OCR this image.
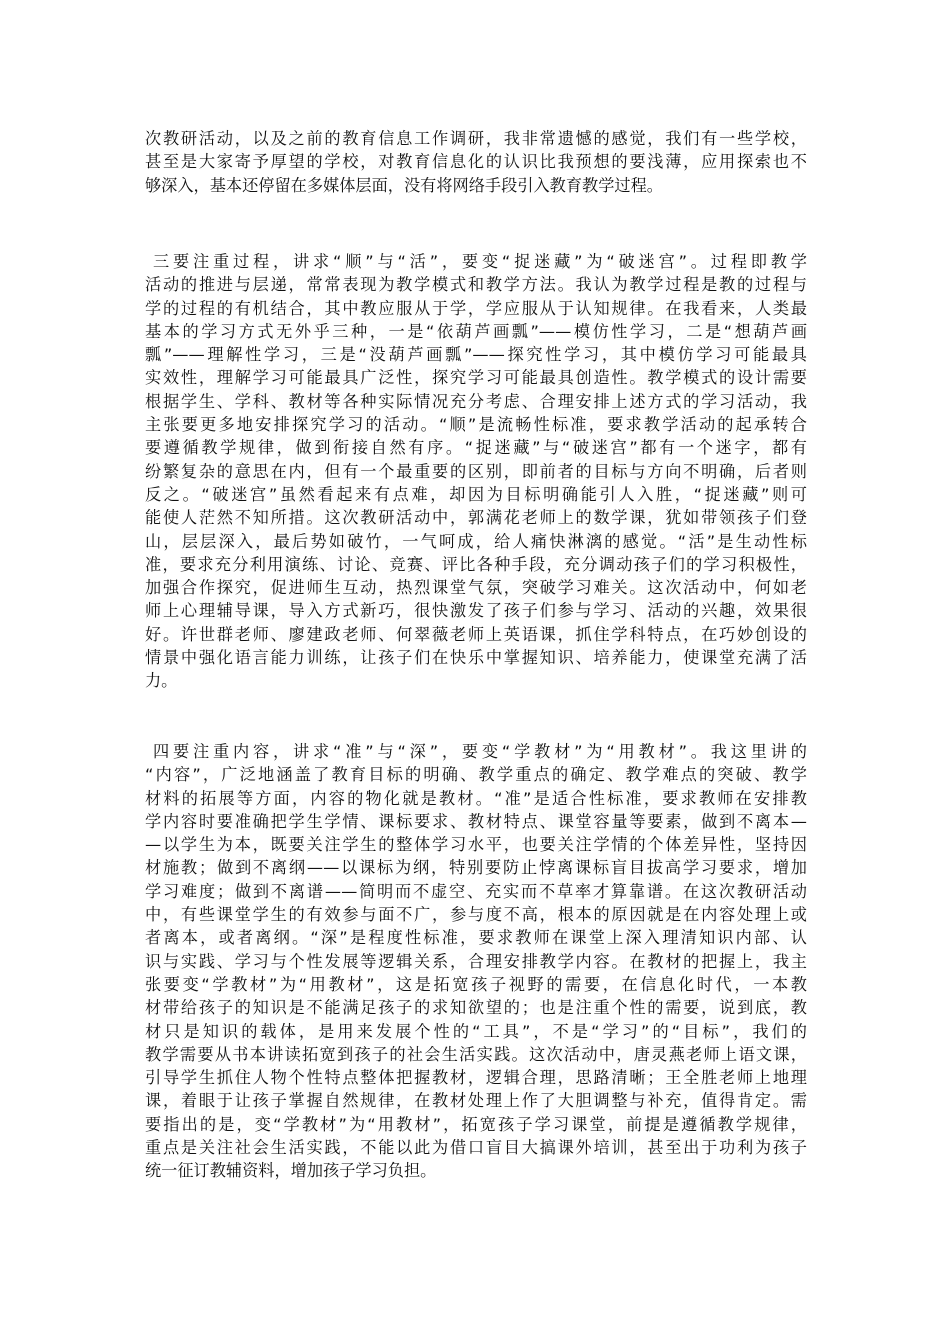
次教研活动，以及之前的教育信息工作调研，我非常遗憾的感觉，我们有一些学校，
甚至是大家寄予厚望的学校，对教育信息化的认识比我预想的要浅薄，应用探索也不
够深入，基本还停留在多媒体层面，没有将网络手段引入教育教学过程。
三要注重过程，讲求“顺”与“活”，要变“捉迷藏”为“破迷宫”。过程即教学
活动的推进与层递，常常表现为教学模式和教学方法。我认为教学过程是教的过程与
学的过程的有机结合，其中教应服从于学，学应服从于认知规律。在我看来，人类最
基本的学习方式无外乎三种，一是“依葫芦画瓢”——模仿性学习，二是“想葫芦画
瓢”——理解性学习，三是“没葫芦画瓢”——探究性学习，其中模仿学习可能最具
实效性，理解学习可能最具广泛性，探究学习可能最具创造性。教学模式的设计需要
根据学生、学科、教材等各种实际情况充分考虑、合理安排上述方式的学习活动，我
主张要更多地安排探究学习的活动。“顺”是流畅性标准，要求教学活动的起承转合
要遵循教学规律，做到衔接自然有序。“捉迷藏”与“破迷宫”都有一个迷字，都有
纷繁复杂的意思在内，但有一个最重要的区别，即前者的目标与方向不明确，后者则
反之。“破迷宫”虽然看起来有点难，却因为目标明确能引人入胜，“捉迷藏”则可
能使人茫然不知所措。这次教研活动中，郭满花老师上的数学课，犹如带领孩子们登
山，层层深入，最后势如破竹，一气呵成，给人痛快淋漓的感觉。“活”是生动性标
准，要求充分利用演练、讨论、竞赛、评比各种手段，充分调动孩子们的学习积极性，
加强合作探究，促进师生互动，热烈课堂气氛，突破学习难关。这次活动中，何如老
师上心理辅导课，导入方式新巧，很快激发了孩子们参与学习、活动的兴趣，效果很
好。许世群老师、廖建政老师、何翠薇老师上英语课，抓住学科特点，在巧妙创设的
情景中强化语言能力训练，让孩子们在快乐中掌握知识、培养能力，使课堂充满了活
力。
四要注重内容，讲求“准”与“深”，要变“学教材”为“用教材”。我这里讲的
“内容”，广泛地涵盖了教育目标的明确、教学重点的确定、教学难点的突破、教学
材料的拓展等方面，内容的物化就是教材。“准”是适合性标准，要求教师在安排教
学内容时要准确把学生学情、课标要求、教材特点、课堂容量等要素，做到不离本—
—以学生为本，既要关注学生的整体学习水平，也要关注学情的个体差异性，坚持因
材施教；做到不离纲——以课标为纲，特别要防止悖离课标盲目拔高学习要求，增加
学习难度；做到不离谱——简明而不虚空、充实而不草率才算靠谱。在这次教研活动
中，有些课堂学生的有效参与面不广，参与度不高，根本的原因就是在内容处理上或
者离本，或者离纲。“深”是程度性标准，要求教师在课堂上深入理清知识内部、认
识与实践、学习与个性发展等逻辑关系，合理安排教学内容。在教材的把握上，我主
张要变“学教材”为“用教材”，这是拓宽孩子视野的需要，在信息化时代，一本教
材带给孩子的知识是不能满足孩子的求知欲望的；也是注重个性的需要，说到底，教
材只是知识的载体，是用来发展个性的“工具”，不是“学习”的“目标”，我们的
教学需要从书本讲读拓宽到孩子的社会生活实践。这次活动中，唐灵燕老师上语文课，
引导学生抓住人物个性特点整体把握教材，逻辑合理，思路清晰；王全胜老师上地理
课，着眼于让孩子掌握自然规律，在教材处理上作了大胆调整与补充，值得肯定。需
要指出的是，变“学教材”为“用教材”，拓宽孩子学习课堂，前提是遵循教学规律，
重点是关注社会生活实践，不能以此为借口盲目大搞课外培训，甚至出于功利为孩子
统一征订教辅资料，增加孩子学习负担。
